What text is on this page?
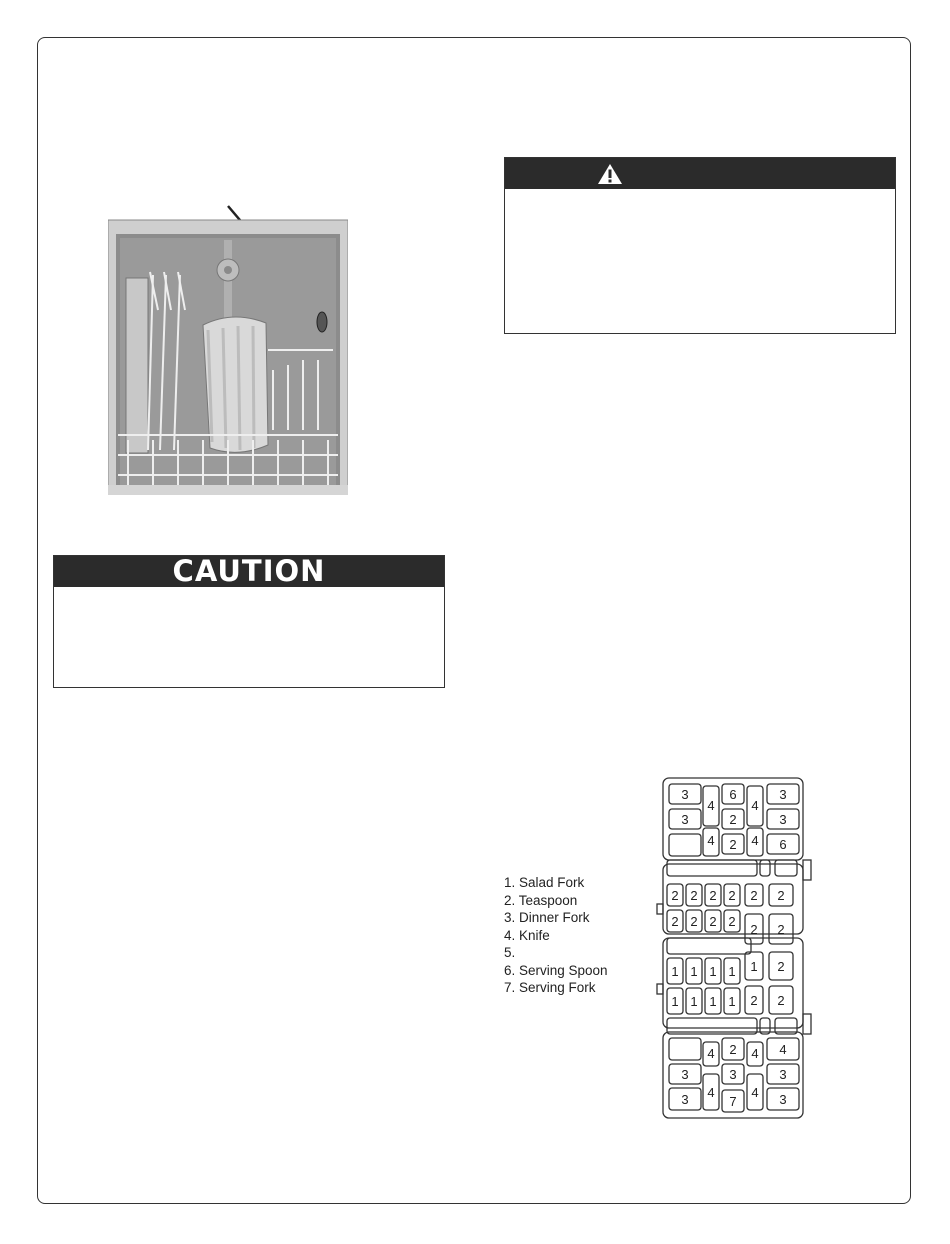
CAUTION
1. Salad Fork
2. Teaspoon
3. Dinner Fork
4. Knife
5.
6. Serving Spoon
7. Serving Fork
3
4
6
4
3
3	2	3
4 2 4 6
2 2 2 2 2 2
2 2 2 2
2 2
1 1 1 1 1 2
1 1 1 1 2 2
4 2 4 4
3	3	3
3 4
7
4 3
